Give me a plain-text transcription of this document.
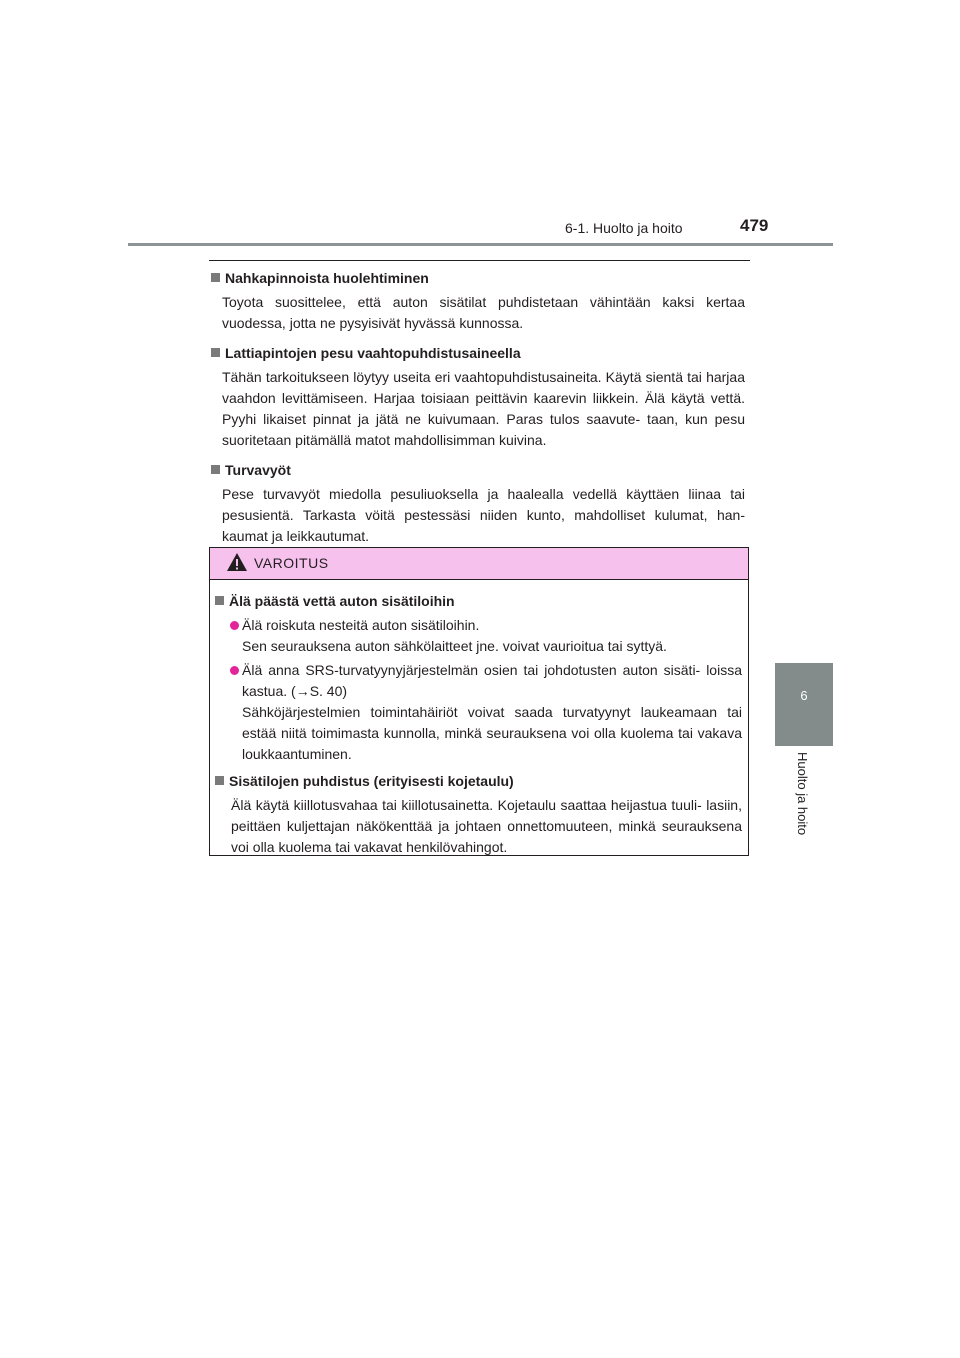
6-1. Huolto ja hoito	479
6
Huolto ja hoito
Nahkapinnoista huolehtiminen
Toyota suosittelee, että auton sisätilat puhdistetaan vähintään kaksi kertaa vuodessa, jotta ne pysyisivät hyvässä kunnossa.
Lattiapintojen pesu vaahtopuhdistusaineella
Tähän tarkoitukseen löytyy useita eri vaahtopuhdistusaineita. Käytä sientä tai harjaa vaahdon levittämiseen. Harjaa toisiaan peittävin kaarevin liikkein. Älä käytä vettä. Pyyhi likaiset pinnat ja jätä ne kuivumaan. Paras tulos saavute- taan, kun pesu suoritetaan pitämällä matot mahdollisimman kuivina.
Turvavyöt
Pese turvavyöt miedolla pesuliuoksella ja haalealla vedellä käyttäen liinaa tai pesusientä. Tarkasta vöitä pestessäsi niiden kunto, mahdolliset kulumat, han- kaumat ja leikkautumat.
VAROITUS
Älä päästä vettä auton sisätiloihin
Älä roiskuta nesteitä auton sisätiloihin.
Sen seurauksena auton sähkölaitteet jne. voivat vaurioitua tai syttyä.
Älä anna SRS-turvatyynyjärjestelmän osien tai johdotusten auton sisäti- loissa kastua. (→S. 40)
Sähköjärjestelmien toimintahäiriöt voivat saada turvatyynyt laukeamaan tai estää niitä toimimasta kunnolla, minkä seurauksena voi olla kuolema tai vakava loukkaantuminen.
Sisätilojen puhdistus (erityisesti kojetaulu)
Älä käytä kiillotusvahaa tai kiillotusainetta. Kojetaulu saattaa heijastua tuuli- lasiin, peittäen kuljettajan näkökenttää ja johtaen onnettomuuteen, minkä seurauksena voi olla kuolema tai vakavat henkilövahingot.
